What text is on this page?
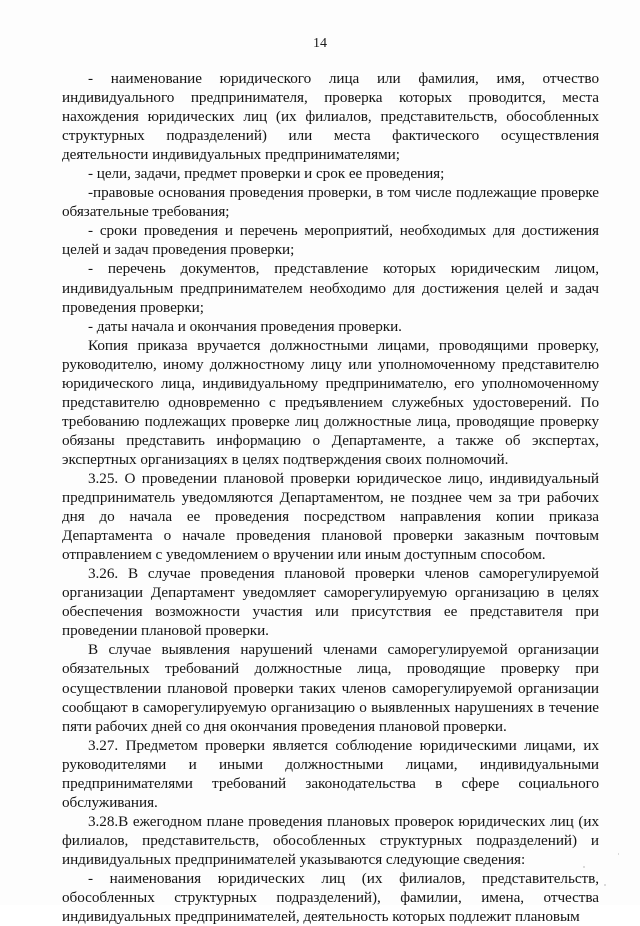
14

- наименование юридического лица или фамилия, имя, отчество индивидуального предпринимателя, проверка которых проводится, места нахождения юридических лиц (их филиалов, представительств, обособленных структурных подразделений) или места фактического осуществления деятельности индивидуальных предпринимателями;

- цели, задачи, предмет проверки и срок ее проведения;

-правовые основания проведения проверки, в том числе подлежащие проверке обязательные требования;

- сроки проведения и перечень мероприятий, необходимых для достижения целей и задач проведения проверки;

- перечень документов, представление которых юридическим лицом, индивидуальным предпринимателем необходимо для достижения целей и задач проведения проверки;

- даты начала и окончания проведения проверки.

Копия приказа вручается должностными лицами, проводящими проверку, руководителю, иному должностному лицу или уполномоченному представителю юридического лица, индивидуальному предпринимателю, его уполномоченному представителю одновременно с предъявлением служебных удостоверений. По требованию подлежащих проверке лиц должностные лица, проводящие проверку обязаны представить информацию о Департаменте, а также об экспертах, экспертных организациях в целях подтверждения своих полномочий.

3.25. О проведении плановой проверки юридическое лицо, индивидуальный предприниматель уведомляются Департаментом, не позднее чем за три рабочих дня до начала ее проведения посредством направления копии приказа Департамента о начале проведения плановой проверки заказным почтовым отправлением с уведомлением о вручении или иным доступным способом.

3.26. В случае проведения плановой проверки членов саморегулируемой организации Департамент уведомляет саморегулируемую организацию в целях обеспечения возможности участия или присутствия ее представителя при проведении плановой проверки.

В случае выявления нарушений членами саморегулируемой организации обязательных требований должностные лица, проводящие проверку при осуществлении плановой проверки таких членов саморегулируемой организации сообщают в саморегулируемую организацию о выявленных нарушениях в течение пяти рабочих дней со дня окончания проведения плановой проверки.

3.27. Предметом проверки является соблюдение юридическими лицами, их руководителями и иными должностными лицами, индивидуальными предпринимателями требований законодательства в сфере социального обслуживания.

3.28.В ежегодном плане проведения плановых проверок юридических лиц (их филиалов, представительств, обособленных структурных подразделений) и индивидуальных предпринимателей указываются следующие сведения:

- наименования юридических лиц (их филиалов, представительств, обособленных структурных подразделений), фамилии, имена, отчества индивидуальных предпринимателей, деятельность которых подлежит плановым
